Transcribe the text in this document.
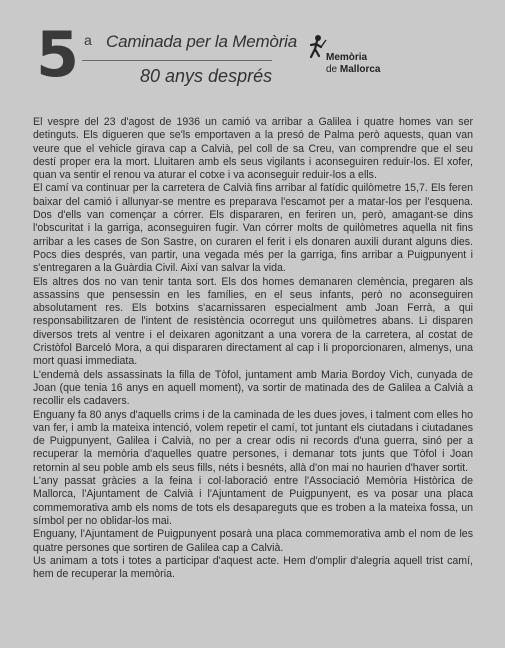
5 a Caminada per la Memòria
80 anys després
Memòria
de Mallorca

El vespre del 23 d'agost de 1936 un camió va arribar a Galilea i quatre homes van ser detinguts. Els digueren que se'ls emportaven a la presó de Palma però aquests, quan van veure que el vehicle girava cap a Calvià, pel coll de sa Creu, van comprendre que el seu destí proper era la mort. Lluitaren amb els seus vigilants i aconseguiren reduir-los. El xofer, quan va sentir el renou va aturar el cotxe i va aconseguir reduir-los a ells.

El camí va continuar per la carretera de Calvià fins arribar al fatídic quilòmetre 15,7. Els feren baixar del camió i allunyar-se mentre es preparava l'escamot per a matar-los per l'esquena. Dos d'ells van començar a córrer. Els dispararen, en feriren un, però, amagant-se dins l'obscuritat i la garriga, aconseguiren fugir. Van córrer molts de quilòmetres aquella nit fins arribar a les cases de Son Sastre, on curaren el ferit i els donaren auxili durant alguns dies. Pocs dies després, van partir, una vegada més per la garriga, fins arribar a Puigpunyent i s'entregaren a la Guàrdia Civil. Així van salvar la vida.

Els altres dos no van tenir tanta sort. Els dos homes demanaren clemència, pregaren als assassins que pensessin en les famílies, en el seus infants, però no aconseguiren absolutament res. Els botxins s'acarnissaren especialment amb Joan Ferrà, a qui responsabilitzaren de l'intent de resistència ocorregut uns quilòmetres abans. Li disparen diversos trets al ventre i el deixaren agonitzant a una vorera de la carretera, al costat de Cristòfol Barceló Mora, a qui dispararen directament al cap i li proporcionaren, almenys, una mort quasi immediata.

L'endemà dels assassinats la filla de Tòfol, juntament amb Maria Bordoy Vich, cunyada de Joan (que tenia 16 anys en aquell moment), va sortir de matinada des de Galilea a Calvià a recollir els cadavers.

Enguany fa 80 anys d'aquells crims i de la caminada de les dues joves, i talment com elles ho van fer, i amb la mateixa intenció, volem repetir el camí, tot juntant els ciutadans i ciutadanes de Puigpunyent, Galilea i Calvià, no per a crear odis ni records d'una guerra, sinó per a recuperar la memòria d'aquelles quatre persones, i demanar tots junts que Tòfol i Joan retornin al seu poble amb els seus fills, néts i besnéts, allà d'on mai no haurien d'haver sortit.

L'any passat gràcies a la feina i col·laboració entre l'Associació Memòria Històrica de Mallorca, l'Ajuntament de Calvià i l'Ajuntament de Puigpunyent, es va posar una placa commemorativa amb els noms de tots els desapareguts que es troben a la mateixa fossa, un símbol per no oblidar-los mai.

Enguany, l'Ajuntament de Puigpunyent posarà una placa commemorativa amb el nom de les quatre persones que sortiren de Galilea cap a Calvià.

Us animam a tots i totes a participar d'aquest acte. Hem d'omplir d'alegria aquell trist camí, hem de recuperar la memòria.
